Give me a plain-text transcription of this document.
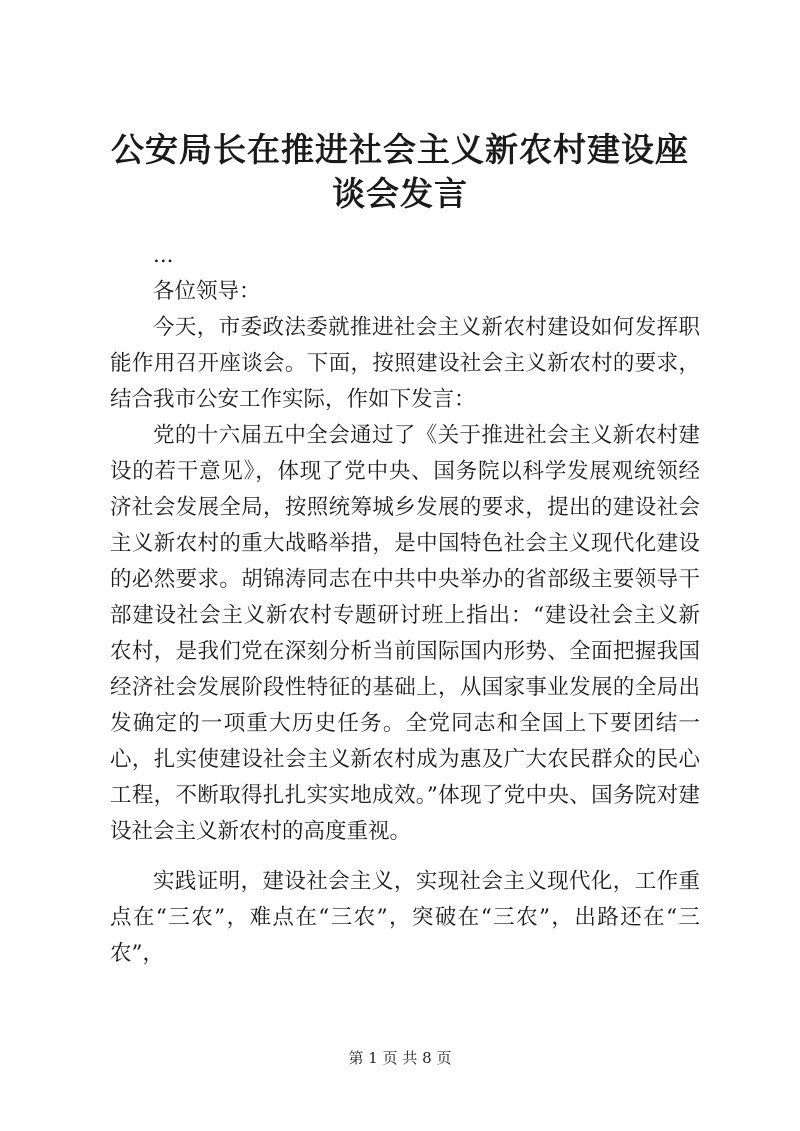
公安局长在推进社会主义新农村建设座谈会发言

...

各位领导：

今天，市委政法委就推进社会主义新农村建设如何发挥职能作用召开座谈会。下面，按照建设社会主义新农村的要求，结合我市公安工作实际，作如下发言：

党的十六届五中全会通过了《关于推进社会主义新农村建设的若干意见》，体现了党中央、国务院以科学发展观统领经济社会发展全局，按照统筹城乡发展的要求，提出的建设社会主义新农村的重大战略举措，是中国特色社会主义现代化建设的必然要求。胡锦涛同志在中共中央举办的省部级主要领导干部建设社会主义新农村专题研讨班上指出：“建设社会主义新农村，是我们党在深刻分析当前国际国内形势、全面把握我国经济社会发展阶段性特征的基础上，从国家事业发展的全局出发确定的一项重大历史任务。全党同志和全国上下要团结一心，扎实使建设社会主义新农村成为惠及广大农民群众的民心工程，不断取得扎扎实实地成效。”体现了党中央、国务院对建设社会主义新农村的高度重视。

实践证明，建设社会主义，实现社会主义现代化，工作重点在“三农”，难点在“三农”，突破在“三农”，出路还在“三农”，

第 1 页 共 8 页
